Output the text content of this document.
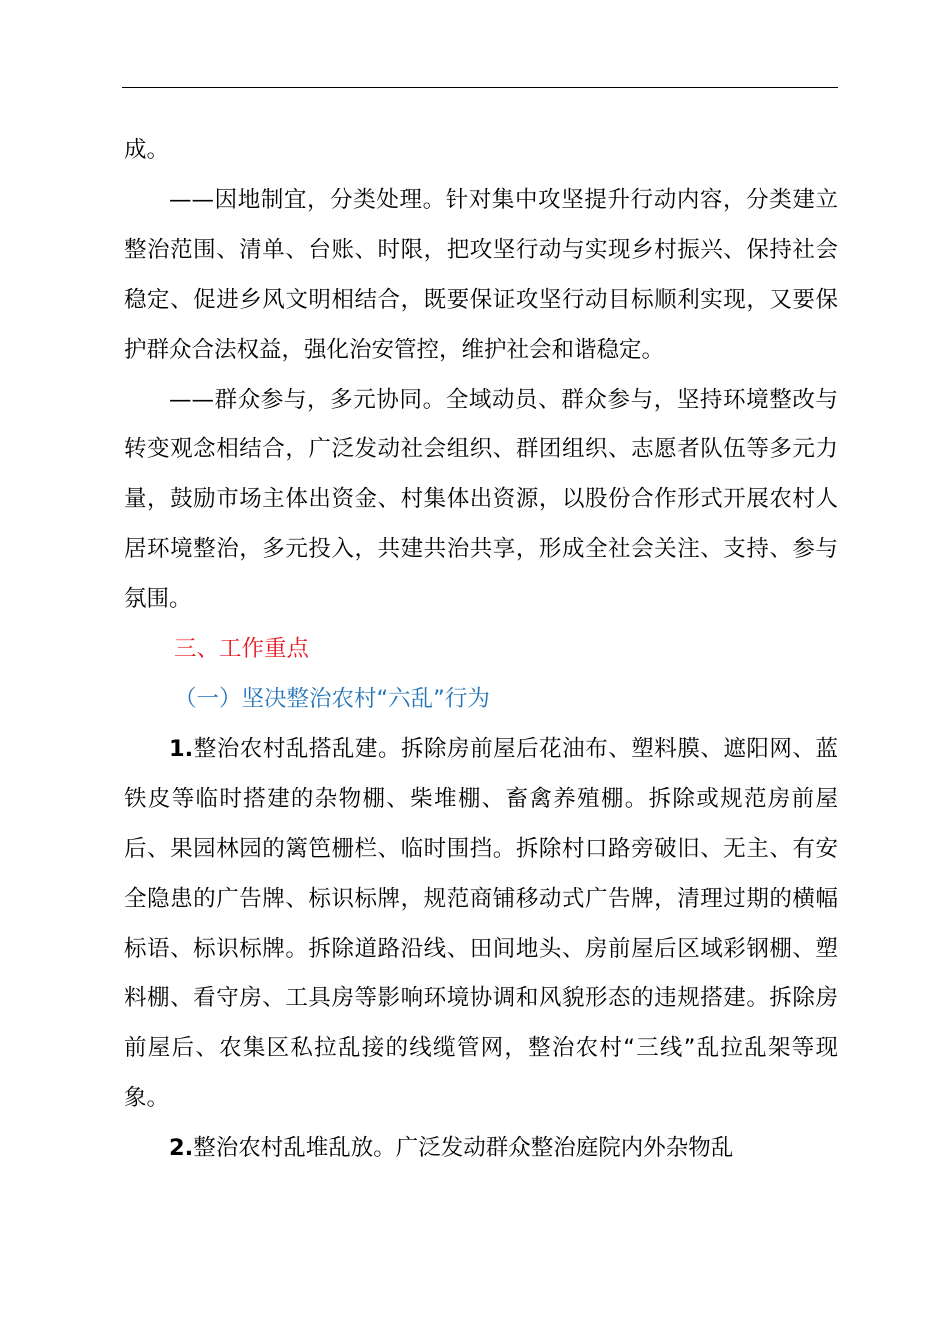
成。

——因地制宜，分类处理。针对集中攻坚提升行动内容，分类建立整治范围、清单、台账、时限，把攻坚行动与实现乡村振兴、保持社会稳定、促进乡风文明相结合，既要保证攻坚行动目标顺利实现，又要保护群众合法权益，强化治安管控，维护社会和谐稳定。

——群众参与，多元协同。全域动员、群众参与，坚持环境整改与转变观念相结合，广泛发动社会组织、群团组织、志愿者队伍等多元力量，鼓励市场主体出资金、村集体出资源，以股份合作形式开展农村人居环境整治，多元投入，共建共治共享，形成全社会关注、支持、参与氛围。

三、工作重点

（一）坚决整治农村“六乱”行为

1.整治农村乱搭乱建。拆除房前屋后花油布、塑料膜、遮阳网、蓝铁皮等临时搭建的杂物棚、柴堆棚、畜禽养殖棚。拆除或规范房前屋后、果园林园的篱笆栅栏、临时围挡。拆除村口路旁破旧、无主、有安全隐患的广告牌、标识标牌，规范商铺移动式广告牌，清理过期的横幅标语、标识标牌。拆除道路沿线、田间地头、房前屋后区域彩钢棚、塑料棚、看守房、工具房等影响环境协调和风貌形态的违规搭建。拆除房前屋后、农集区私拉乱接的线缆管网，整治农村“三线”乱拉乱架等现象。

2.整治农村乱堆乱放。广泛发动群众整治庭院内外杂物乱
